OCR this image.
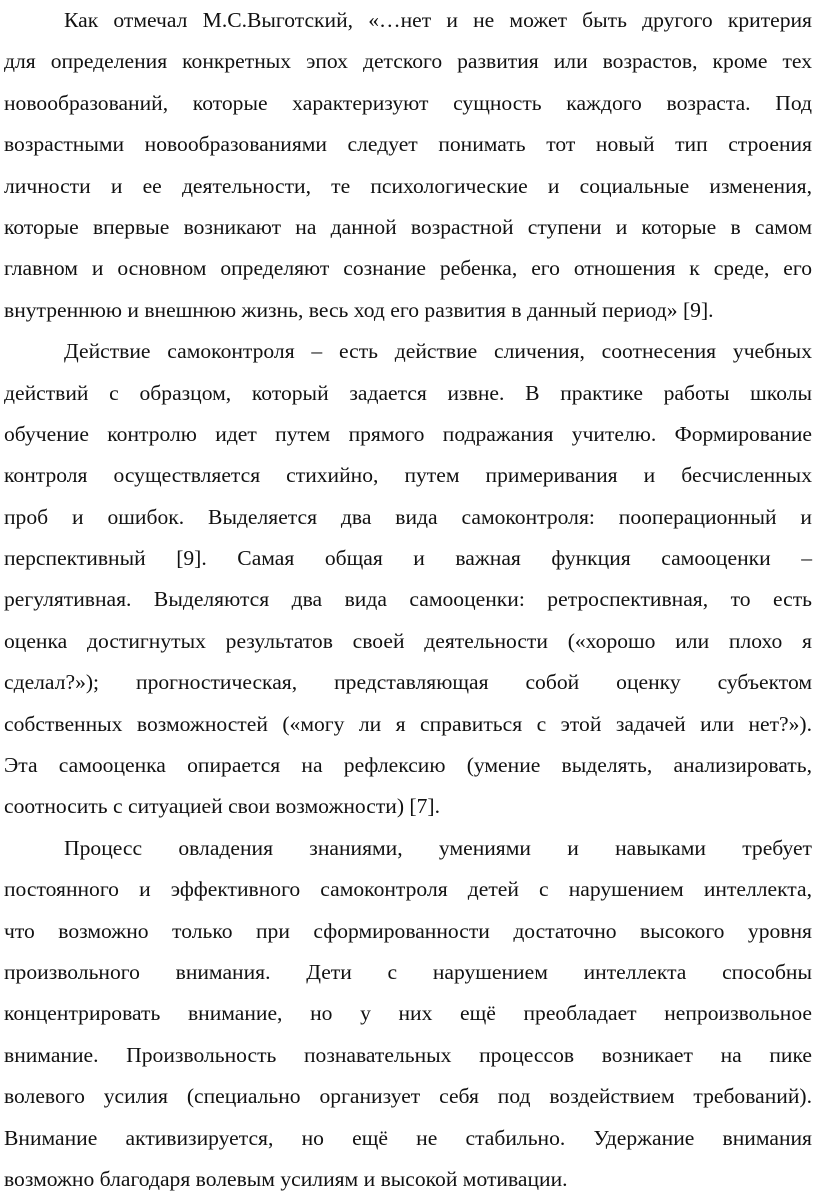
Как отмечал М.С.Выготский, «…нет и не может быть другого критерия
для определения конкретных эпох детского развития или возрастов, кроме тех
новообразований, которые характеризуют сущность каждого возраста. Под
возрастными новообразованиями следует понимать тот новый тип строения
личности и ее деятельности, те психологические и социальные изменения,
которые впервые возникают на данной возрастной ступени и которые в самом
главном и основном определяют сознание ребенка, его отношения к среде, его
внутреннюю и внешнюю жизнь, весь ход его развития в данный период» [9].
Действие самоконтроля – есть действие сличения, соотнесения учебных
действий с образцом, который задается извне. В практике работы школы
обучение контролю идет путем прямого подражания учителю. Формирование
контроля осуществляется стихийно, путем примеривания и бесчисленных
проб и ошибок. Выделяется два вида самоконтроля: пооперационный и
перспективный [9]. Самая общая и важная функция самооценки –
регулятивная. Выделяются два вида самооценки: ретроспективная, то есть
оценка достигнутых результатов своей деятельности («хорошо или плохо я
сделал?»); прогностическая, представляющая собой оценку субъектом
собственных возможностей («могу ли я справиться с этой задачей или нет?»).
Эта самооценка опирается на рефлексию (умение выделять, анализировать,
соотносить с ситуацией свои возможности) [7].
Процесс овладения знаниями, умениями и навыками требует
постоянного и эффективного самоконтроля детей с нарушением интеллекта,
что возможно только при сформированности достаточно высокого уровня
произвольного внимания. Дети с нарушением интеллекта способны
концентрировать внимание, но у них ещё преобладает непроизвольное
внимание. Произвольность познавательных процессов возникает на пике
волевого усилия (специально организует себя под воздействием требований).
Внимание активизируется, но ещё не стабильно. Удержание внимания
возможно благодаря волевым усилиям и высокой мотивации.
